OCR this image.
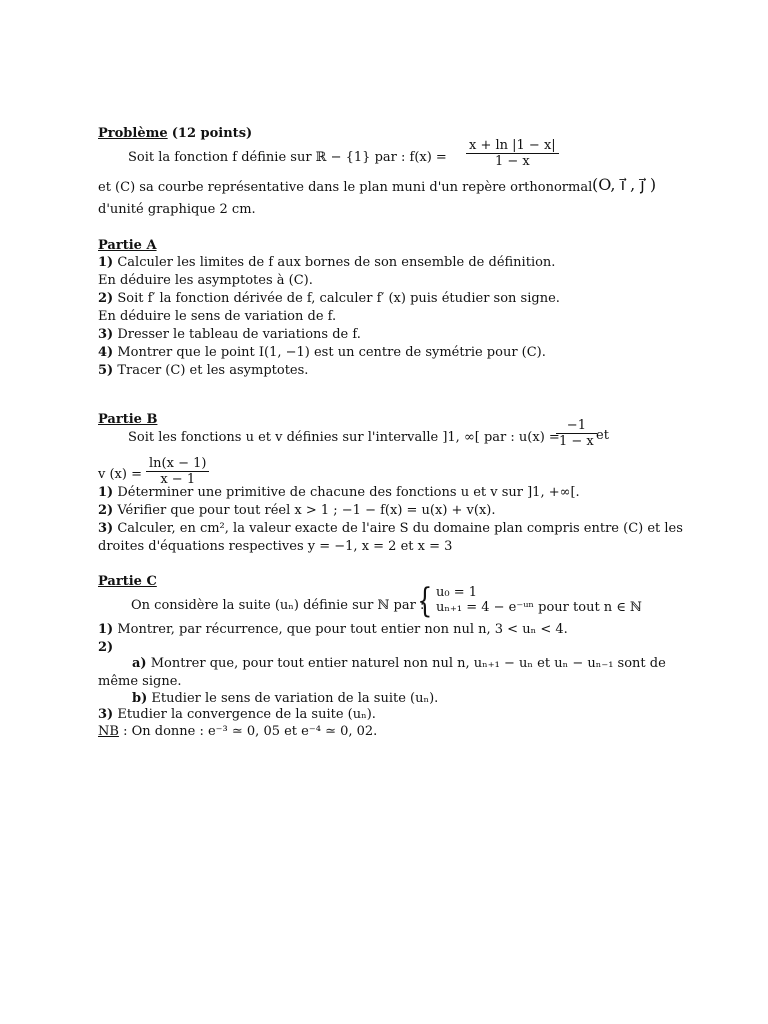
Problème (12 points)
Soit la fonction f définie sur ℝ − {1} par : $f(x) = \frac{x + \ln |1 - x|}{1 - x}$
et (C) sa courbe représentative dans le plan muni d'un repère orthonormal (O, i⃗ , j⃗ )
d'unité graphique 2 cm.
Partie A
1) Calculer les limites de f aux bornes de son ensemble de définition.
En déduire les asymptotes à (C).
2) Soit f′ la fonction dérivée de f, calculer f′ (x) puis étudier son signe.
En déduire le sens de variation de f.
3) Dresser le tableau de variations de f.
4) Montrer que le point I(1, −1) est un centre de symétrie pour (C).
5) Tracer (C) et les asymptotes.
Partie B
Soit les fonctions u et v définies sur l'intervalle ]1, ∞[ par : u(x) =
$\frac{-1}{1 - x}$ et
v $(x) = \frac{\ln(x - 1)}{x - 1}$
1) Déterminer une primitive de chacune des fonctions u et v sur ]1, +∞[.
2) Vérifier que pour tout réel x > 1 ; −1 − f(x) = u(x) + v(x).
3) Calculer, en cm², la valeur exacte de l'aire S du domaine plan compris entre (C) et les
droites d'équations respectives y = −1, x = 2 et x = 3
Partie C
On considère la suite (uₙ) définie sur ℕ par :
{ u₀ = 1
uₙ₊₁ = 4 − e⁻ᵘⁿ pour tout n ∈ ℕ
1) Montrer, par récurrence, que pour tout entier non nul n, 3 < uₙ < 4.
2)
a) Montrer que, pour tout entier naturel non nul n, uₙ₊₁ − uₙ et uₙ − uₙ₋₁ sont de
même signe.
b) Etudier le sens de variation de la suite (uₙ).
3) Etudier la convergence de la suite (uₙ).
NB : On donne : e⁻³ ≃ 0, 05 et e⁻⁴ ≃ 0, 02.
